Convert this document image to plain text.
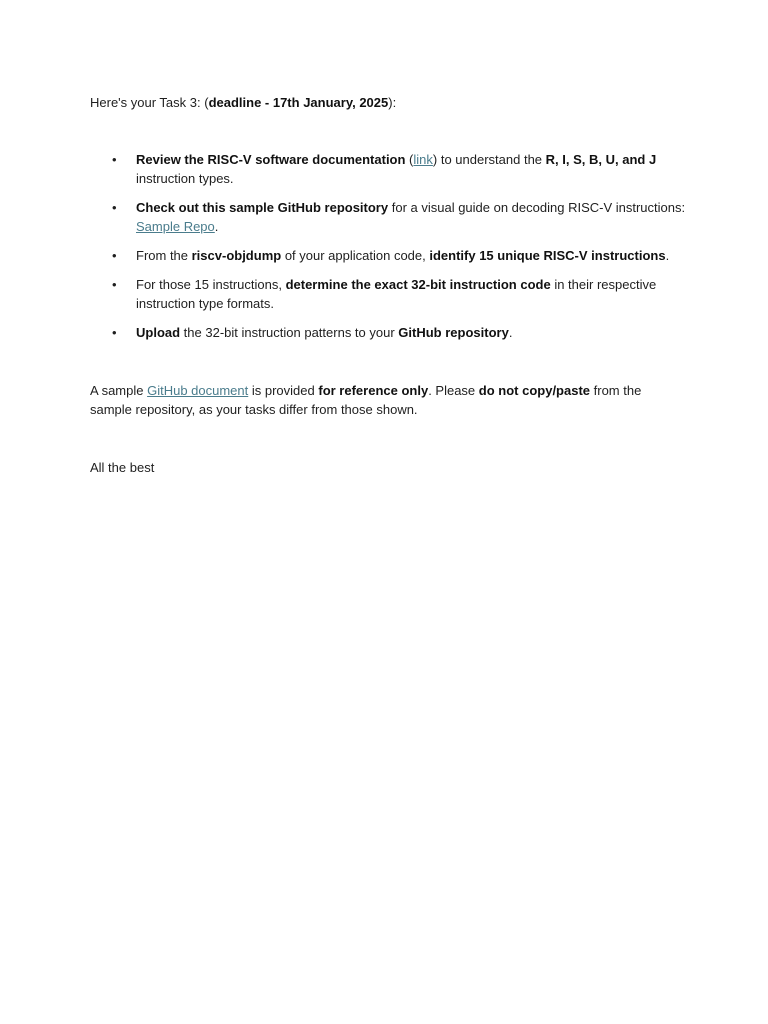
Here's your Task 3: (deadline - 17th January, 2025):
• Review the RISC-V software documentation (link) to understand the R, I, S, B, U, and J instruction types.
• Check out this sample GitHub repository for a visual guide on decoding RISC-V instructions: Sample Repo.
• From the riscv-objdump of your application code, identify 15 unique RISC-V instructions.
• For those 15 instructions, determine the exact 32-bit instruction code in their respective instruction type formats.
• Upload the 32-bit instruction patterns to your GitHub repository.
A sample GitHub document is provided for reference only. Please do not copy/paste from the sample repository, as your tasks differ from those shown.
All the best
